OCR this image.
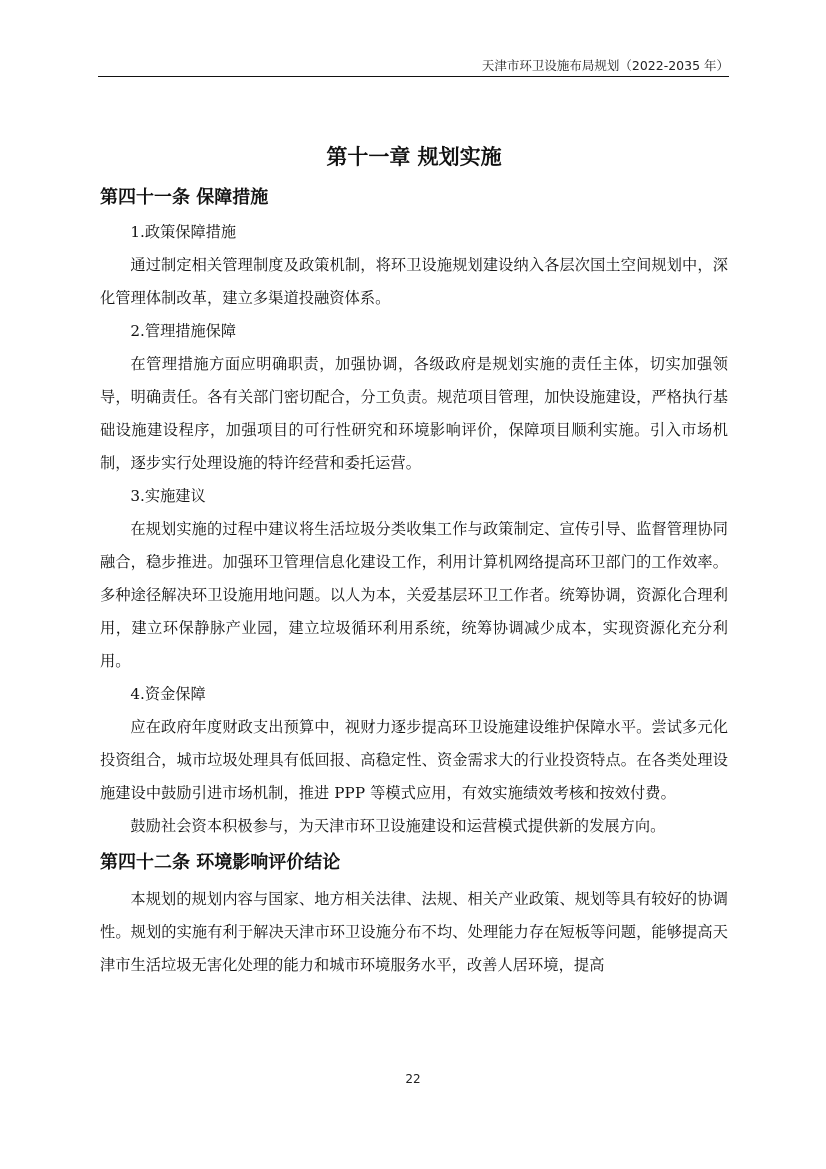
天津市环卫设施布局规划（2022-2035 年）
第十一章 规划实施
第四十一条 保障措施
1.政策保障措施

通过制定相关管理制度及政策机制，将环卫设施规划建设纳入各层次国土空间规划中，深化管理体制改革，建立多渠道投融资体系。

2.管理措施保障

在管理措施方面应明确职责，加强协调，各级政府是规划实施的责任主体，切实加强领导，明确责任。各有关部门密切配合，分工负责。规范项目管理，加快设施建设，严格执行基础设施建设程序，加强项目的可行性研究和环境影响评价，保障项目顺利实施。引入市场机制，逐步实行处理设施的特许经营和委托运营。

3.实施建议

在规划实施的过程中建议将生活垃圾分类收集工作与政策制定、宣传引导、监督管理协同融合，稳步推进。加强环卫管理信息化建设工作，利用计算机网络提高环卫部门的工作效率。多种途径解决环卫设施用地问题。以人为本，关爱基层环卫工作者。统筹协调，资源化合理利用，建立环保静脉产业园，建立垃圾循环利用系统，统筹协调减少成本，实现资源化充分利用。

4.资金保障

应在政府年度财政支出预算中，视财力逐步提高环卫设施建设维护保障水平。尝试多元化投资组合，城市垃圾处理具有低回报、高稳定性、资金需求大的行业投资特点。在各类处理设施建设中鼓励引进市场机制，推进 PPP 等模式应用，有效实施绩效考核和按效付费。

鼓励社会资本积极参与，为天津市环卫设施建设和运营模式提供新的发展方向。

第四十二条 环境影响评价结论

本规划的规划内容与国家、地方相关法律、法规、相关产业政策、规划等具有较好的协调性。规划的实施有利于解决天津市环卫设施分布不均、处理能力存在短板等问题，能够提高天津市生活垃圾无害化处理的能力和城市环境服务水平，改善人居环境，提高

22
